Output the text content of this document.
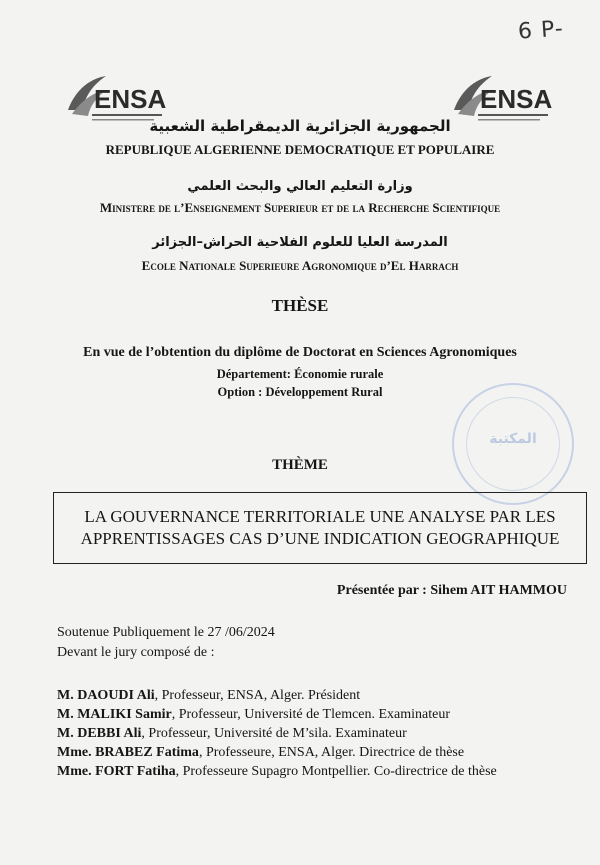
6 P-
ENSA	ENSA
الجمهورية الجزائرية الديمقراطية الشعبية
REPUBLIQUE ALGERIENNE DEMOCRATIQUE ET POPULAIRE
وزارة التعليم العالي والبحث العلمي
Ministere de l’Enseignement Superieur et de la Recherche Scientifique
المدرسة العليا للعلوم الفلاحية الحراش–الجزائر
Ecole Nationale Superieure Agronomique d’El Harrach
THÈSE
En vue de l’obtention du diplôme de Doctorat en Sciences Agronomiques
Département: Économie rurale
Option : Développement Rural
المكتبة
THÈME
LA GOUVERNANCE TERRITORIALE UNE ANALYSE PAR LES
APPRENTISSAGES CAS D’UNE INDICATION GEOGRAPHIQUE
Présentée par : Sihem AIT HAMMOU
Soutenue Publiquement le 27 /06/2024
Devant le jury composé de :
M. DAOUDI Ali, Professeur, ENSA, Alger. Président
M. MALIKI Samir, Professeur, Université de Tlemcen. Examinateur
M. DEBBI Ali, Professeur, Université de M’sila. Examinateur
Mme. BRABEZ Fatima, Professeure, ENSA, Alger. Directrice de thèse
Mme. FORT Fatiha, Professeure Supagro Montpellier. Co-directrice de thèse
